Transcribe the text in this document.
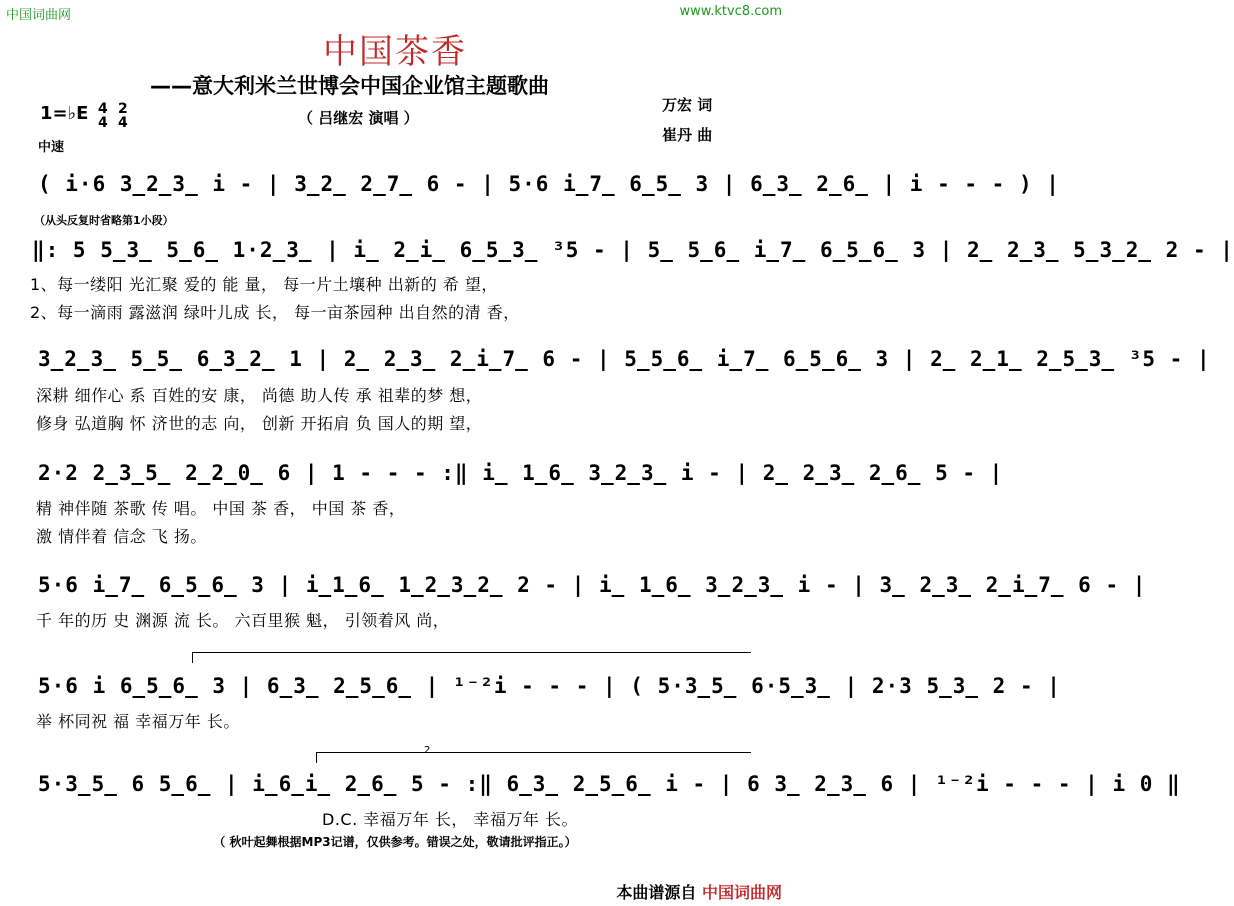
中国词曲网	www.ktvc8.com
中国茶香
——意大利米兰世博会中国企业馆主题歌曲
（ 吕继宏 演唱 ）
万宏 词
崔丹 曲
1=♭E 4
4
2
4
中速
( i·6 3̲2̲3̲ i - | 3̲2̲ 2̲7̲ 6 - | 5·6 i̲7̲ 6̲5̲ 3 | 6̲3̲ 2̲6̲ | i - - - ) |
（从头反复时省略第1小段）
‖: 5 5̲3̲ 5̲6̲ 1·2̲3̲ | i̲ 2̲i̲ 6̲5̲3̲ ³5 - | 5̲ 5̲6̲ i̲7̲ 6̲5̲6̲ 3 | 2̲ 2̲3̲ 5̲3̲2̲ 2 - |
1、每一缕阳 光汇聚 爱的 能 量， 每一片土壤种 出新的 希 望，
2、每一滴雨 露滋润 绿叶儿成 长， 每一亩茶园种 出自然的清 香，
3̲2̲3̲ 5̲5̲ 6̲3̲2̲ 1 | 2̲ 2̲3̲ 2̲i̲7̲ 6 - | 5̲5̲6̲ i̲7̲ 6̲5̲6̲ 3 | 2̲ 2̲1̲ 2̲5̲3̲ ³5 - |
深耕 细作心 系 百姓的安 康， 尚德 助人传 承 祖辈的梦 想，
修身 弘道胸 怀 济世的志 向， 创新 开拓肩 负 国人的期 望，
2·2 2̲3̲5̲ 2̲2̲0̲ 6 | 1 - - - :‖ i̲ 1̲6̲ 3̲2̲3̲ i - | 2̲ 2̲3̲ 2̲6̲ 5 - |
精 神伴随 茶歌 传 唱。 中国 茶 香， 中国 茶 香，
激 情伴着 信念 飞 扬。
5·6 i̲7̲ 6̲5̲6̲ 3 | i̲1̲6̲ 1̲2̲3̲2̲ 2 - | i̲ 1̲6̲ 3̲2̲3̲ i - | 3̲ 2̲3̲ 2̲i̲7̲ 6 - |
千 年的历 史 渊源 流 长。 六百里猴 魁， 引领着风 尚，
5·6 i 6̲5̲6̲ 3 | 6̲3̲ 2̲5̲6̲ | ¹⁻²i - - - | ( 5·3̲5̲ 6·5̲3̲ | 2·3 5̲3̲ 2 - |
举 杯同祝 福 幸福万年 长。
2
5·3̲5̲ 6 5̲6̲ | i̲6̲i̲ 2̲6̲ 5 - :‖ 6̲3̲ 2̲5̲6̲ i - | 6 3̲ 2̲3̲ 6 | ¹⁻²i - - - | i 0 ‖
D.C. 幸福万年 长， 幸福万年 长。
（ 秋叶起舞根据MP3记谱，仅供参考。错误之处，敬请批评指正。）
本曲谱源自 中国词曲网
